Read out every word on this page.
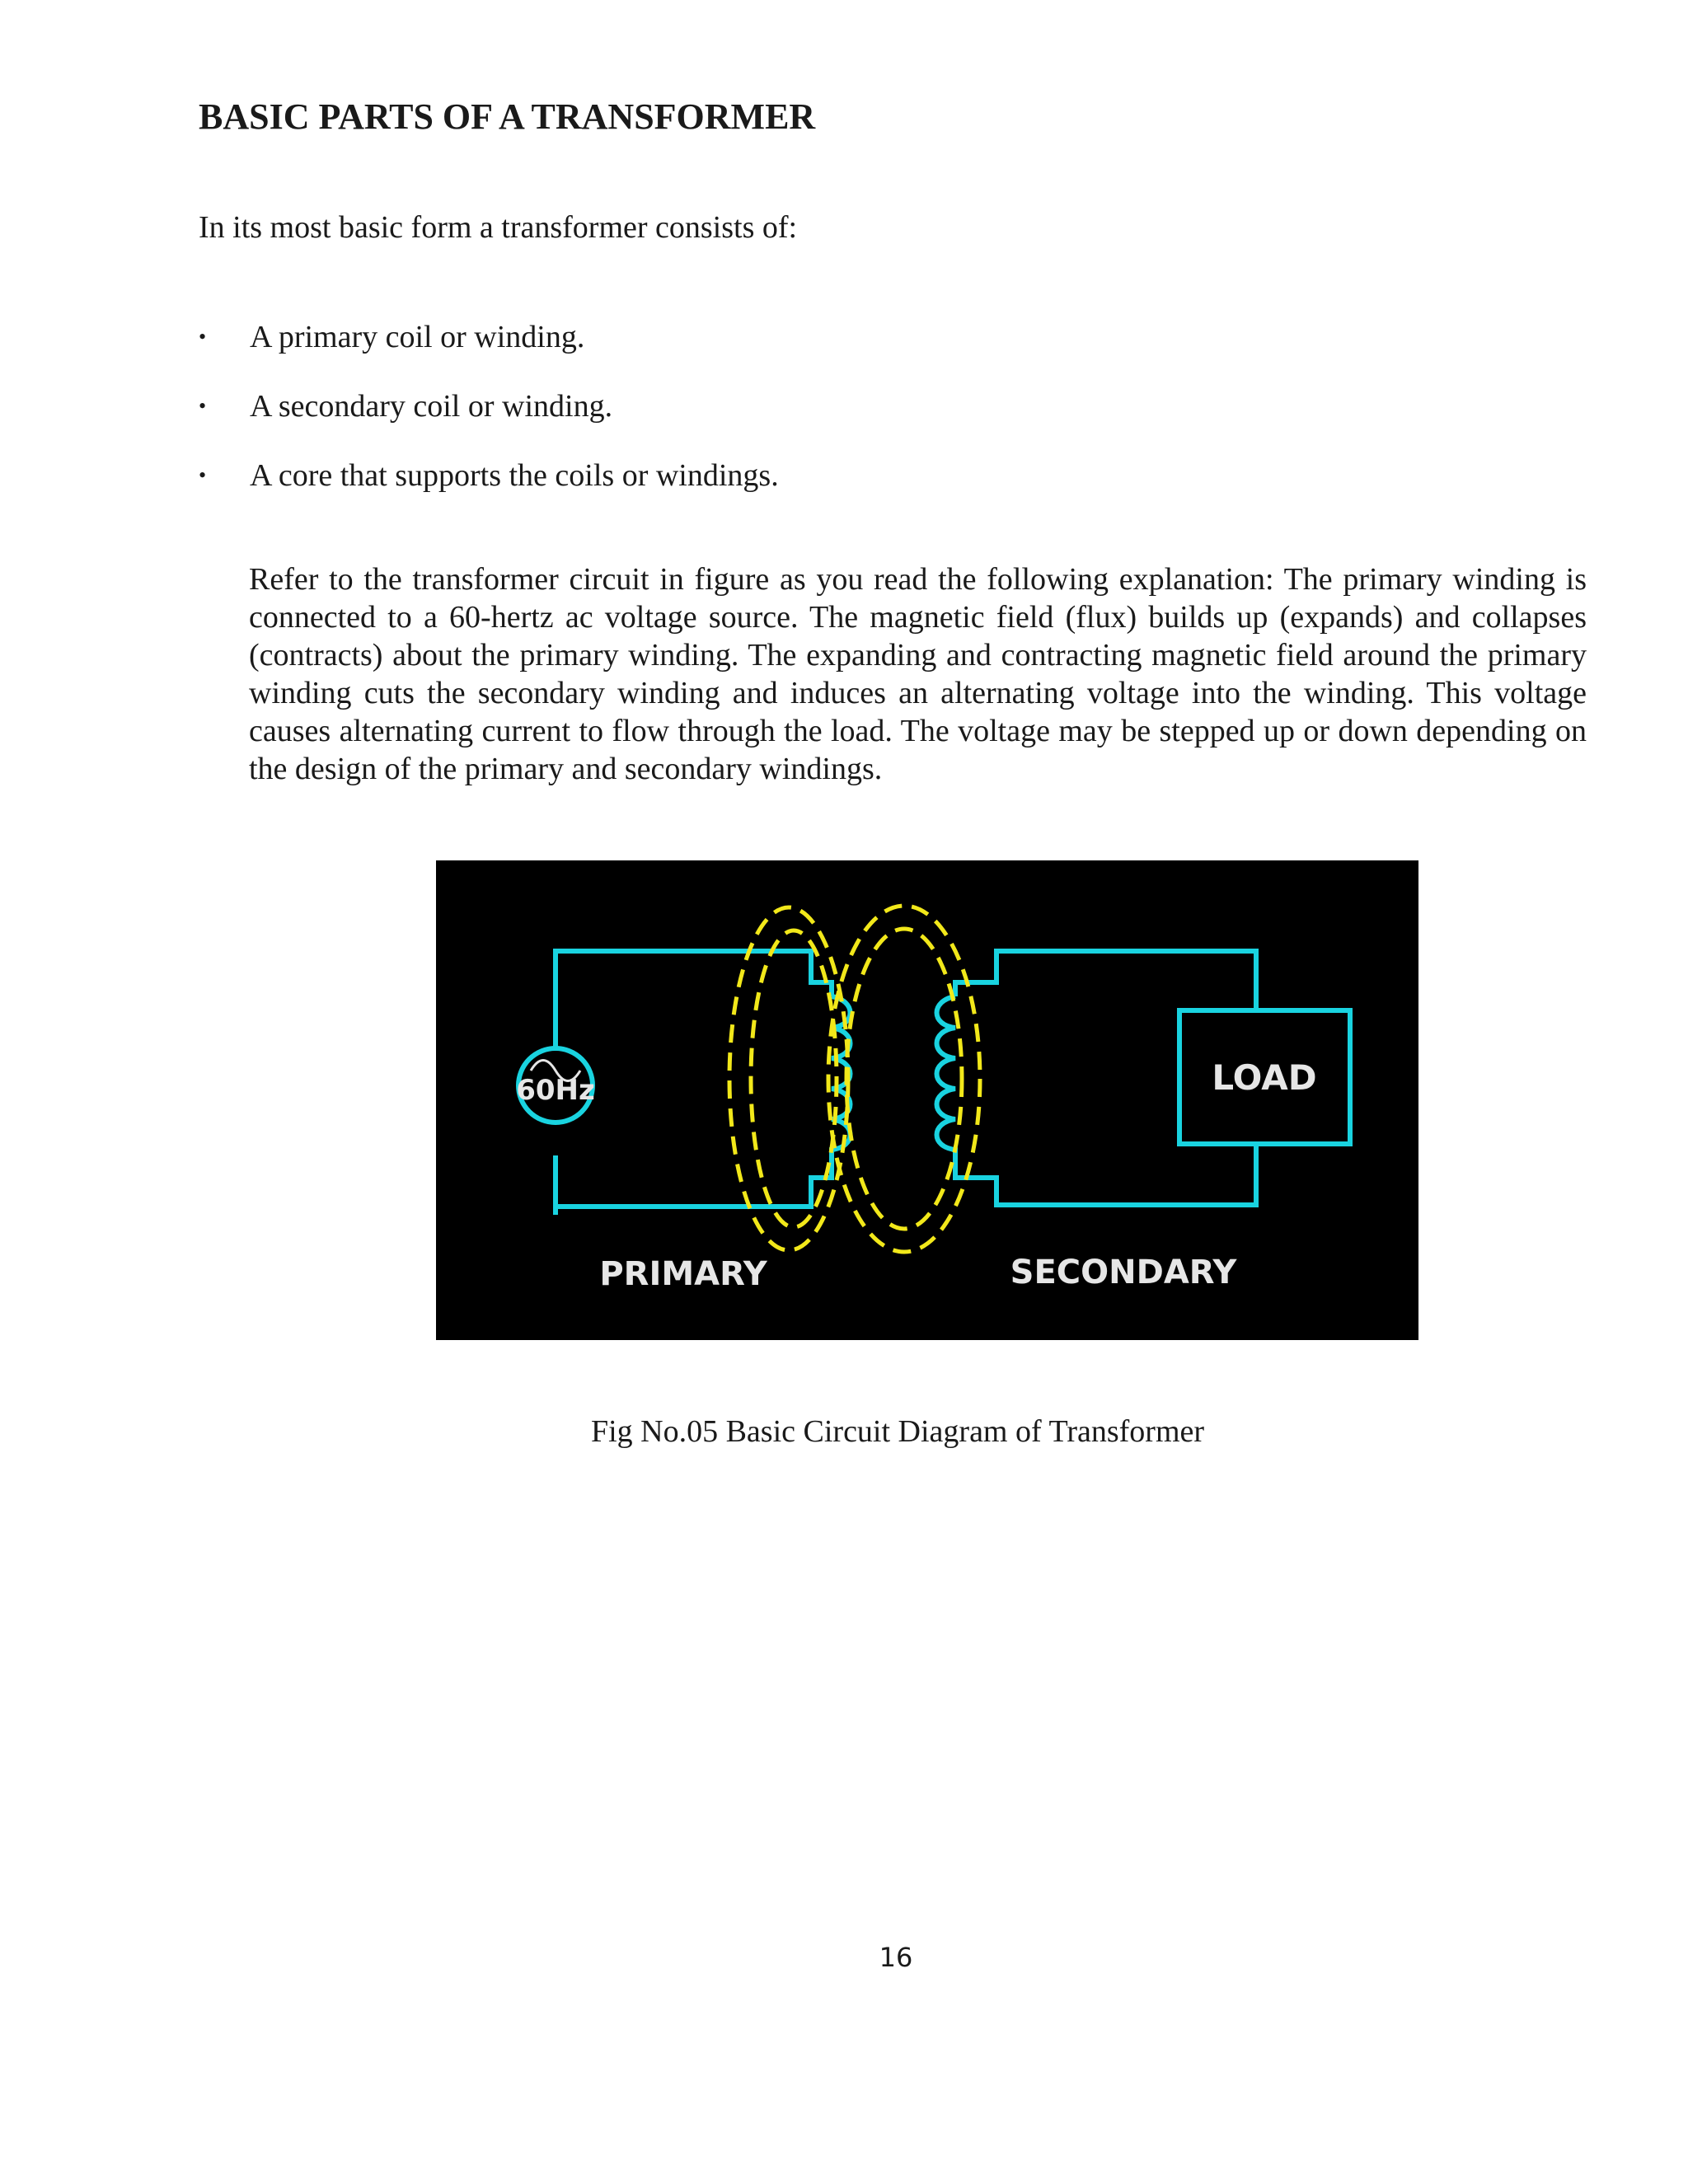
BASIC PARTS OF A TRANSFORMER

In its most basic form a transformer consists of:

• A primary coil or winding.
• A secondary coil or winding.
• A core that supports the coils or windings.

Refer to the transformer circuit in figure as you read the following explanation: The primary winding is connected to a 60-hertz ac voltage source. The magnetic field (flux) builds up (expands) and collapses (contracts) about the primary winding. The expanding and contracting magnetic field around the primary winding cuts the secondary winding and induces an alternating voltage into the winding. This voltage causes alternating current to flow through the load. The voltage may be stepped up or down depending on the design of the primary and secondary windings.

60Hz	LOAD
PRIMARY	SECONDARY

Fig No.05 Basic Circuit Diagram of Transformer

16
